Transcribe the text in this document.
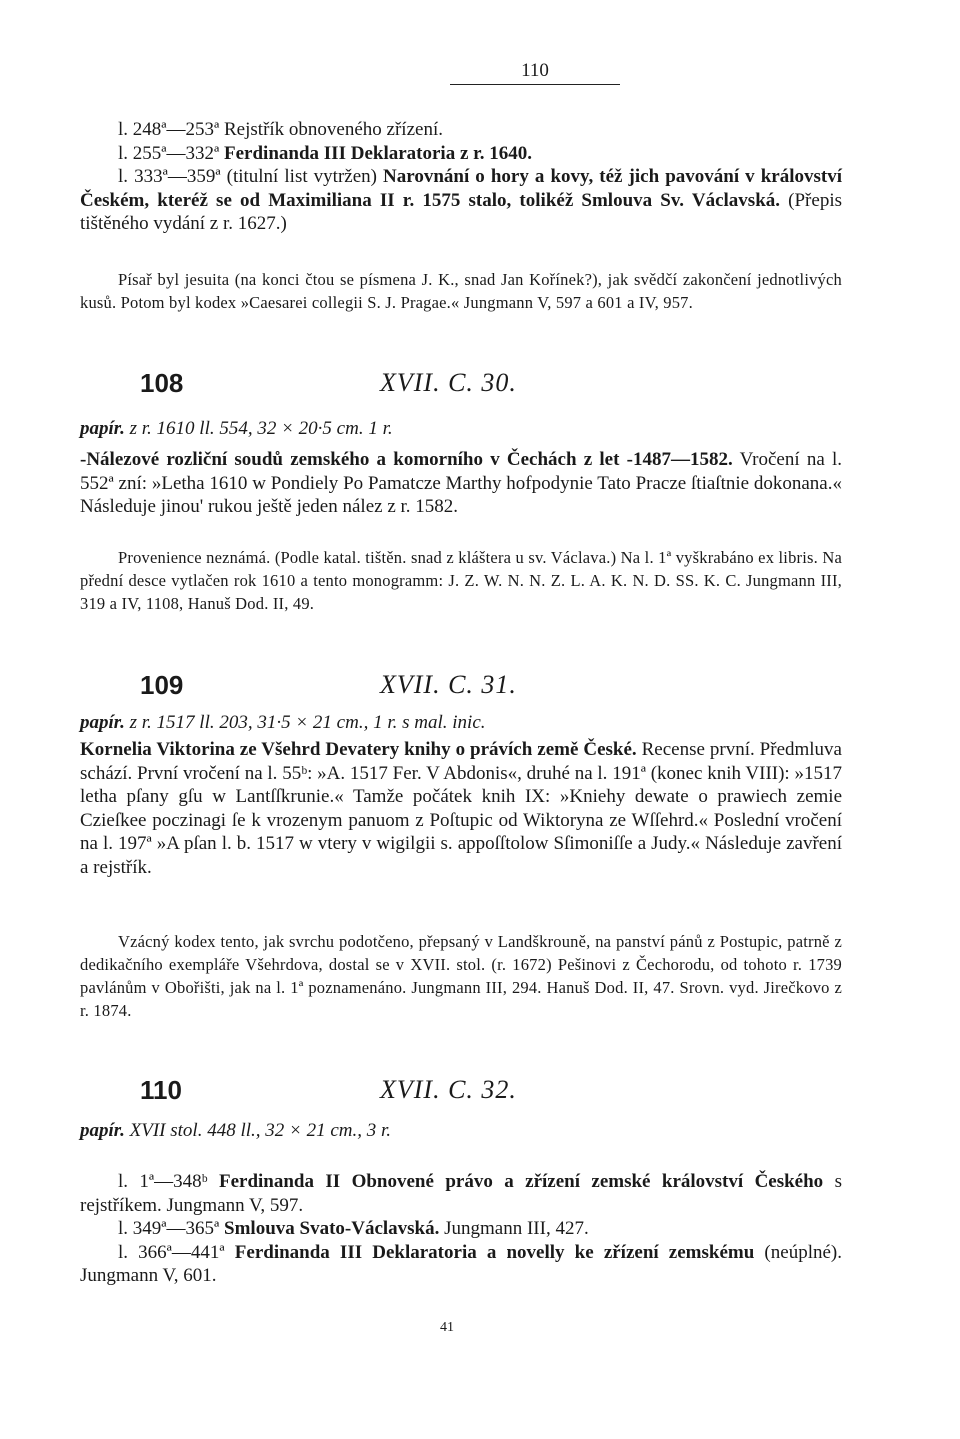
110

l. 248ª—253ª Rejstřík obnoveného zřízení.

l. 255ª—332ª Ferdinanda III Deklaratoria z r. 1640.

l. 333ª—359ª (titulní list vytržen) Narovnání o hory a kovy, též jich pavování v království Českém, kteréž se od Maximiliana II r. 1575 stalo, tolikéž Smlouva Sv. Václavská. (Přepis tištěného vydání z r. 1627.)

Písař byl jesuita (na konci čtou se písmena J. K., snad Jan Kořínek?), jak svědčí zakončení jednotlivých kusů. Potom byl kodex »Caesarei collegii S. J. Pragae.« Jungmann V, 597 a 601 a IV, 957.
108	XVII. C. 30.
papír. z r. 1610 ll. 554, 32 × 20·5 cm. 1 r.
-Nálezové rozliční soudů zemského a komorního v Čechách z let -1487—1582. Vročení na l. 552ª zní: »Letha 1610 w Pondiely Po Pamatcze Marthy hofpodynie Tato Pracze ſtiaſtnie dokonana.« Následuje jinou' rukou ještě jeden nález z r. 1582.
Provenience neznámá. (Podle katal. tištěn. snad z kláštera u sv. Václava.) Na l. 1ª vyškrabáno ex libris. Na přední desce vytlačen rok 1610 a tento monogramm: J. Z. W. N. N. Z. L. A. K. N. D. SS. K. C. Jungmann III, 319 a IV, 1108, Hanuš Dod. II, 49.
109	XVII. C. 31.
papír. z r. 1517 ll. 203, 31·5 × 21 cm., 1 r. s mal. inic.
Kornelia Viktorina ze Všehrd Devatery knihy o právích země České. Recense první. Předmluva schází. První vročení na l. 55ᵇ: »A. 1517 Fer. V Abdonis«, druhé na l. 191ª (konec knih VIII): »1517 letha pſany gſu w Lantſſkrunie.« Tamže počátek knih IX: »Kniehy dewate o prawiech zemie Czieſkee poczinagi ſe k vrozenym panuom z Poſtupic od Wiktoryna ze Wſſehrd.« Poslední vročení na l. 197ª »A pſan l. b. 1517 w vtery v wigilgii s. appoſſtolow Sſimoniſſe a Judy.« Následuje zavření a rejstřík.
Vzácný kodex tento, jak svrchu podotčeno, přepsaný v Landškrouně, na panství pánů z Postupic, patrně z dedikačního exempláře Všehrdova, dostal se v XVII. stol. (r. 1672) Pešinovi z Čechorodu, od tohoto r. 1739 pavlánům v Obořišti, jak na l. 1ª poznamenáno. Jungmann III, 294. Hanuš Dod. II, 47. Srovn. vyd. Jirečkovo z r. 1874.
110	XVII. C. 32.
papír. XVII stol. 448 ll., 32 × 21 cm., 3 r.

l. 1ª—348ᵇ Ferdinanda II Obnovené právo a zřízení zemské království Českého s rejstříkem. Jungmann V, 597.

l. 349ª—365ª Smlouva Svato-Václavská. Jungmann III, 427.

l. 366ª—441ª Ferdinanda III Deklaratoria a novelly ke zřízení zemskému (neúplné). Jungmann V, 601.

41
